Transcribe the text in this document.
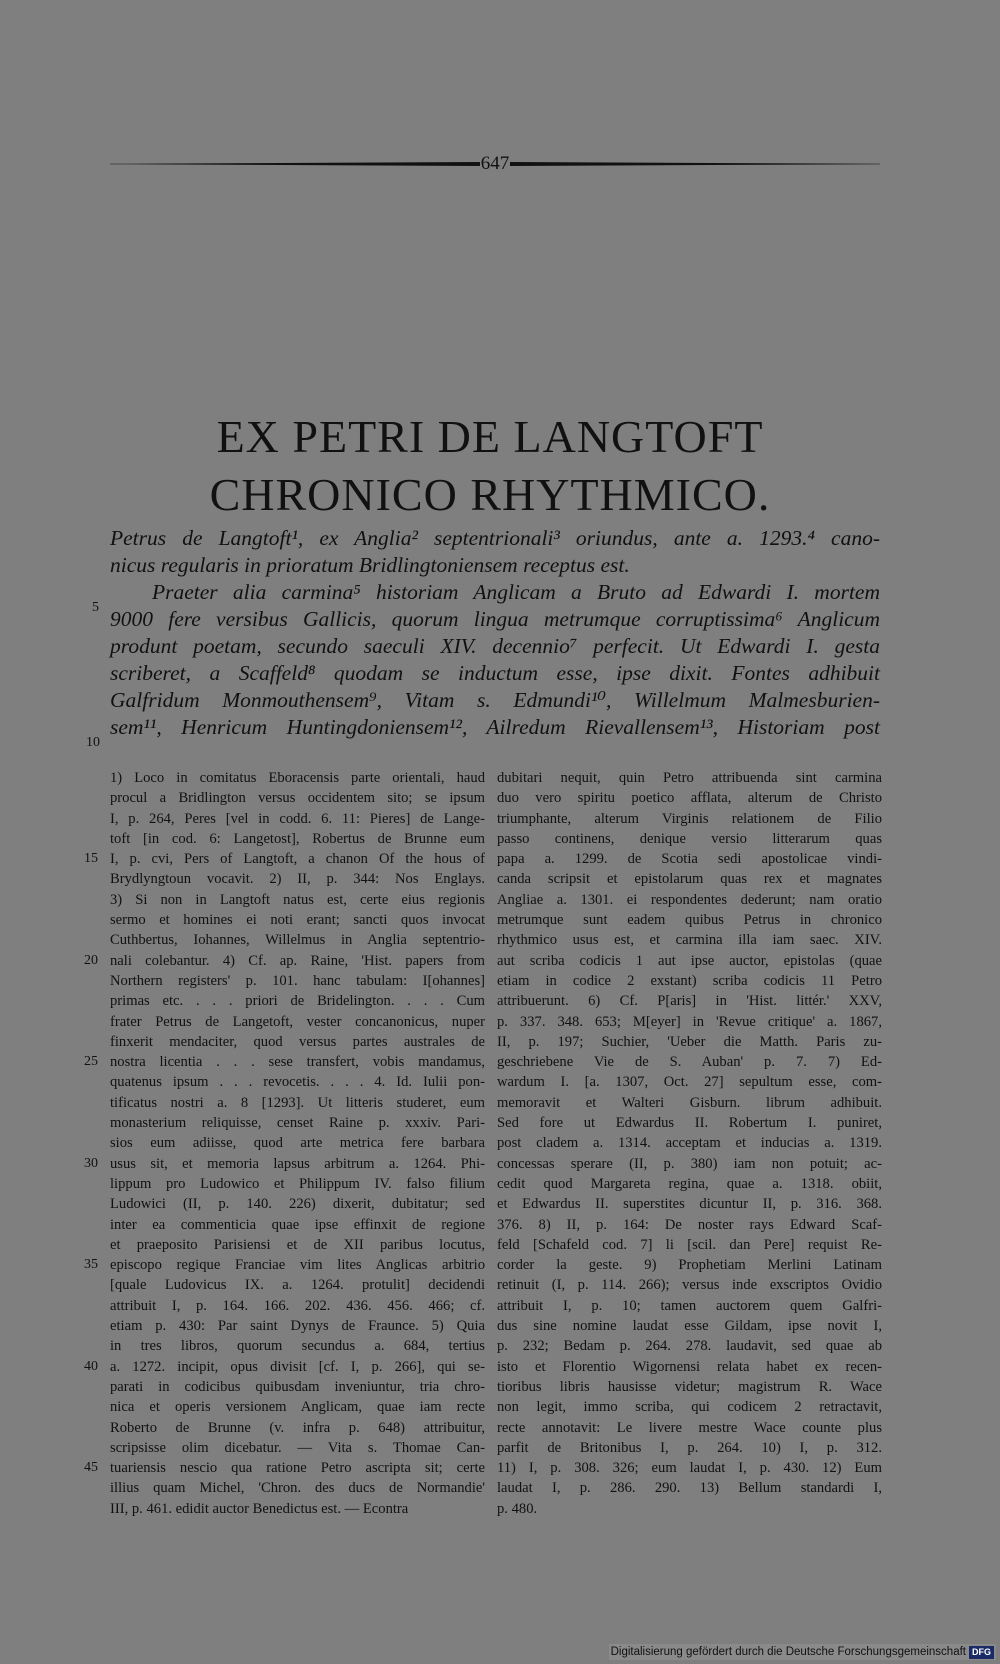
647
EX PETRI DE LANGTOFT
CHRONICO RHYTHMICO.
Petrus de Langtoft¹, ex Anglia² septentrionali³ oriundus, ante a. 1293.⁴ cano-
nicus regularis in prioratum Bridlingtoniensem receptus est.
Praeter alia carmina⁵ historiam Anglicam a Bruto ad Edwardi I. mortem
9000 fere versibus Gallicis, quorum lingua metrumque corruptissima⁶ Anglicum
produnt poetam, secundo saeculi XIV. decennio⁷ perfecit. Ut Edwardi I. gesta
scriberet, a Scaffeld⁸ quodam se inductum esse, ipse dixit. Fontes adhibuit
Galfridum Monmouthensem⁹, Vitam s. Edmundi¹⁰, Willelmum Malmesburien-
sem¹¹, Henricum Huntingdoniensem¹², Ailredum Rievallensem¹³, Historiam post
5
10
1) Loco in comitatus Eboracensis parte orientali, haud
procul a Bridlington versus occidentem sito; se ipsum
I, p. 264, Peres [vel in codd. 6. 11: Pieres] de Lange-
toft [in cod. 6: Langetost], Robertus de Brunne eum
I, p. cvi, Pers of Langtoft, a chanon Of the hous of
Brydlyngtoun vocavit. 2) II, p. 344: Nos Englays.
3) Si non in Langtoft natus est, certe eius regionis
sermo et homines ei noti erant; sancti quos invocat
Cuthbertus, Iohannes, Willelmus in Anglia septentrio-
nali colebantur. 4) Cf. ap. Raine, 'Hist. papers from
Northern registers' p. 101. hanc tabulam: I[ohannes]
primas etc. . . . priori de Bridelington. . . . Cum
frater Petrus de Langetoft, vester concanonicus, nuper
finxerit mendaciter, quod versus partes australes de
nostra licentia . . . sese transfert, vobis mandamus,
quatenus ipsum . . . revocetis. . . . 4. Id. Iulii pon-
tificatus nostri a. 8 [1293]. Ut litteris studeret, eum
monasterium reliquisse, censet Raine p. xxxiv. Pari-
sios eum adiisse, quod arte metrica fere barbara
usus sit, et memoria lapsus arbitrum a. 1264. Phi-
lippum pro Ludowico et Philippum IV. falso filium
Ludowici (II, p. 140. 226) dixerit, dubitatur; sed
inter ea commenticia quae ipse effinxit de regione
et praeposito Parisiensi et de XII paribus locutus,
episcopo regique Franciae vim lites Anglicas arbitrio
[quale Ludovicus IX. a. 1264. protulit] decidendi
attribuit I, p. 164. 166. 202. 436. 456. 466; cf.
etiam p. 430: Par saint Dynys de Fraunce. 5) Quia
in tres libros, quorum secundus a. 684, tertius
a. 1272. incipit, opus divisit [cf. I, p. 266], qui se-
parati in codicibus quibusdam inveniuntur, tria chro-
nica et operis versionem Anglicam, quae iam recte
Roberto de Brunne (v. infra p. 648) attribuitur,
scripsisse olim dicebatur. — Vita s. Thomae Can-
tuariensis nescio qua ratione Petro ascripta sit; certe
illius quam Michel, 'Chron. des ducs de Normandie'
III, p. 461. edidit auctor Benedictus est. — Econtra
15
20
25
30
35
40
45
dubitari nequit, quin Petro attribuenda sint carmina
duo vero spiritu poetico afflata, alterum de Christo
triumphante, alterum Virginis relationem de Filio
passo continens, denique versio litterarum quas
papa a. 1299. de Scotia sedi apostolicae vindi-
canda scripsit et epistolarum quas rex et magnates
Angliae a. 1301. ei respondentes dederunt; nam oratio
metrumque sunt eadem quibus Petrus in chronico
rhythmico usus est, et carmina illa iam saec. XIV.
aut scriba codicis 1 aut ipse auctor, epistolas (quae
etiam in codice 2 exstant) scriba codicis 11 Petro
attribuerunt. 6) Cf. P[aris] in 'Hist. littér.' XXV,
p. 337. 348. 653; M[eyer] in 'Revue critique' a. 1867,
II, p. 197; Suchier, 'Ueber die Matth. Paris zu-
geschriebene Vie de S. Auban' p. 7. 7) Ed-
wardum I. [a. 1307, Oct. 27] sepultum esse, com-
memoravit et Walteri Gisburn. librum adhibuit.
Sed fore ut Edwardus II. Robertum I. puniret,
post cladem a. 1314. acceptam et inducias a. 1319.
concessas sperare (II, p. 380) iam non potuit; ac-
cedit quod Margareta regina, quae a. 1318. obiit,
et Edwardus II. superstites dicuntur II, p. 316. 368.
376. 8) II, p. 164: De noster rays Edward Scaf-
feld [Schafeld cod. 7] li [scil. dan Pere] requist Re-
corder la geste. 9) Prophetiam Merlini Latinam
retinuit (I, p. 114. 266); versus inde exscriptos Ovidio
attribuit I, p. 10; tamen auctorem quem Galfri-
dus sine nomine laudat esse Gildam, ipse novit I,
p. 232; Bedam p. 264. 278. laudavit, sed quae ab
isto et Florentio Wigornensi relata habet ex recen-
tioribus libris hausisse videtur; magistrum R. Wace
non legit, immo scriba, qui codicem 2 retractavit,
recte annotavit: Le livere mestre Wace counte plus
parfit de Britonibus I, p. 264. 10) I, p. 312.
11) I, p. 308. 326; eum laudat I, p. 430. 12) Eum
laudat I, p. 286. 290. 13) Bellum standardi I,
p. 480.
Digitalisierung gefördert durch die Deutsche Forschungsgemeinschaft DFG
